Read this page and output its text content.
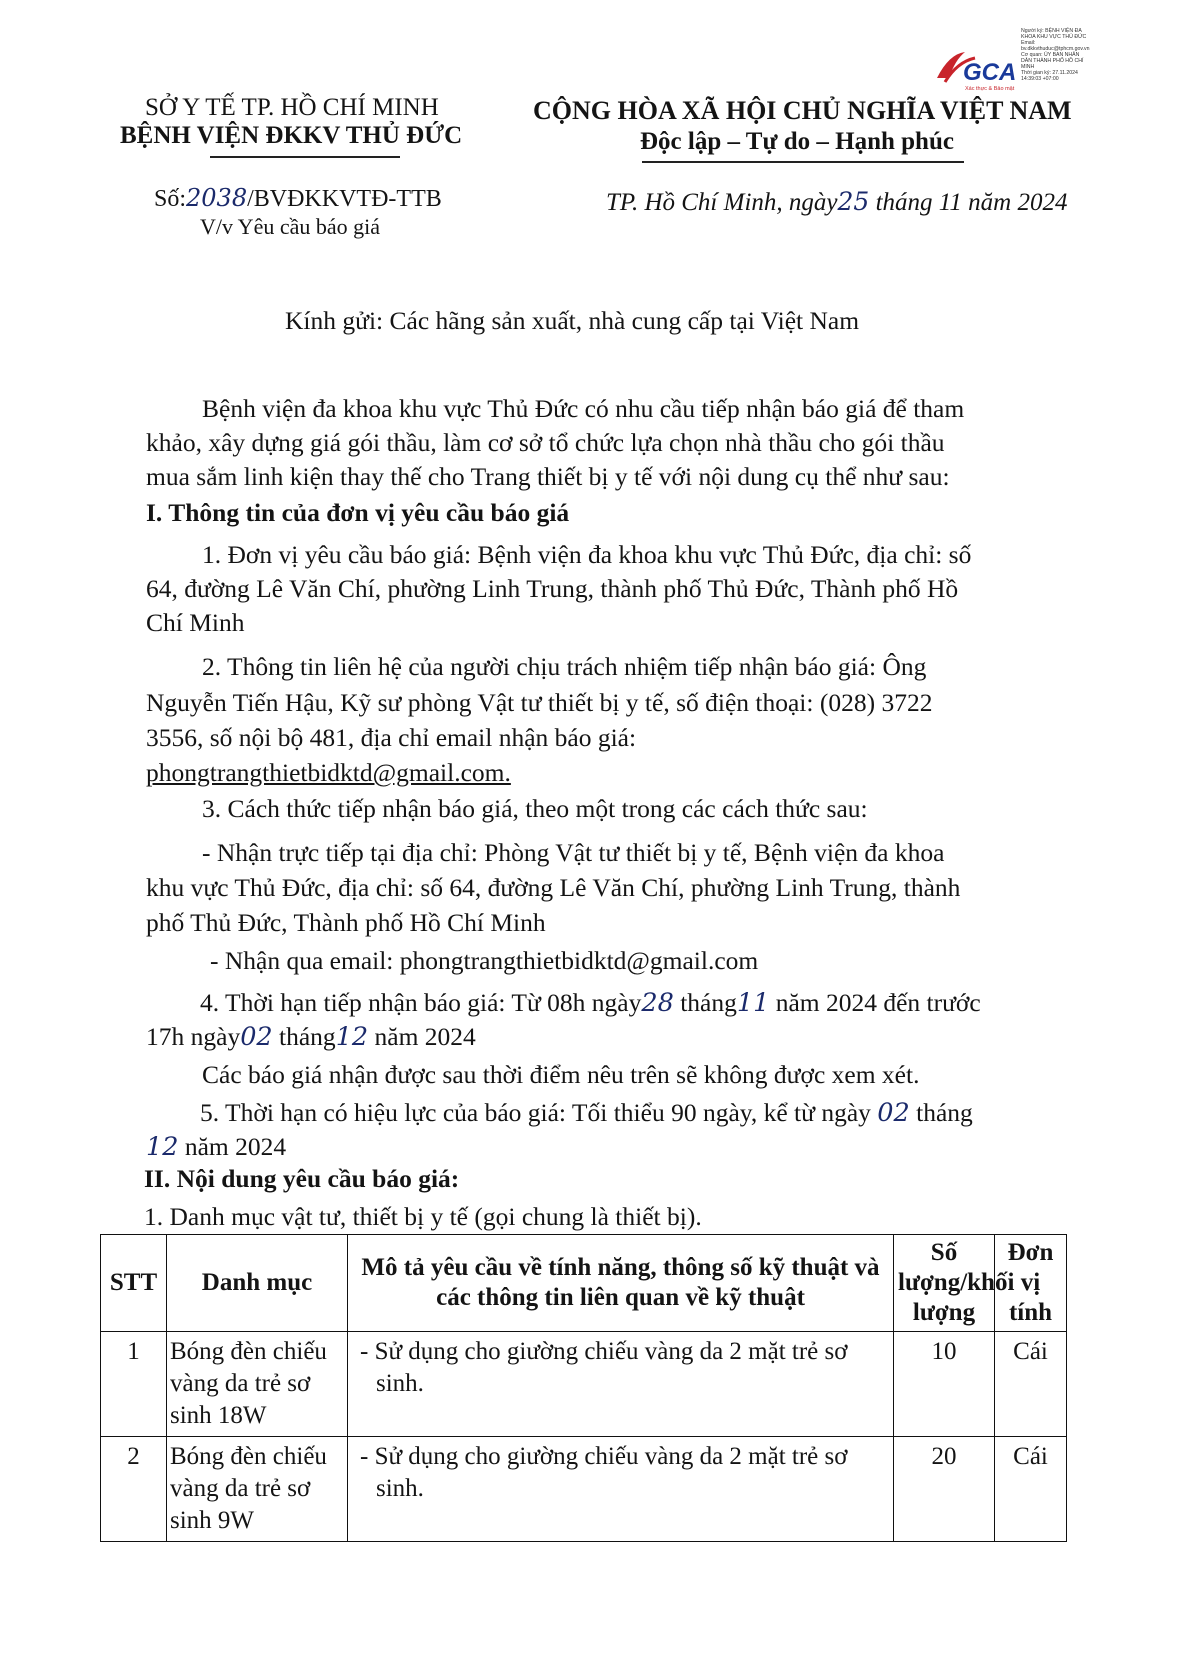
GCA
Xác thực & Bảo mật
Người ký: BỆNH VIỆN ĐA
KHOA KHU VỰC THỦ ĐỨC
Email:
bv.dkkvthuduc@tphcm.gov.vn
Cơ quan: ỦY BAN NHÂN
DÂN THÀNH PHỐ HỒ CHÍ
MINH
Thời gian ký: 27.11.2024
14:39:03 +07:00
SỞ Y TẾ TP. HỒ CHÍ MINH
BỆNH VIỆN ĐKKV THỦ ĐỨC
CỘNG HÒA XÃ HỘI CHỦ NGHĨA VIỆT NAM
Độc lập – Tự do – Hạnh phúc
Số:2038/BVĐKKVTĐ-TTB
V/v Yêu cầu báo giá
TP. Hồ Chí Minh, ngày25 tháng 11 năm 2024
Kính gửi: Các hãng sản xuất, nhà cung cấp tại Việt Nam
Bệnh viện đa khoa khu vực Thủ Đức có nhu cầu tiếp nhận báo giá để tham
khảo, xây dựng giá gói thầu, làm cơ sở tổ chức lựa chọn nhà thầu cho gói thầu
mua sắm linh kiện thay thế cho Trang thiết bị y tế với nội dung cụ thể như sau:
I. Thông tin của đơn vị yêu cầu báo giá
1. Đơn vị yêu cầu báo giá: Bệnh viện đa khoa khu vực Thủ Đức, địa chỉ: số
64, đường Lê Văn Chí, phường Linh Trung, thành phố Thủ Đức, Thành phố Hồ
Chí Minh
2. Thông tin liên hệ của người chịu trách nhiệm tiếp nhận báo giá: Ông
Nguyễn Tiến Hậu, Kỹ sư phòng Vật tư thiết bị y tế, số điện thoại: (028) 3722
3556, số nội bộ 481, địa chỉ email nhận báo giá:
phongtrangthietbidktd@gmail.com.
3. Cách thức tiếp nhận báo giá, theo một trong các cách thức sau:
- Nhận trực tiếp tại địa chỉ: Phòng Vật tư thiết bị y tế, Bệnh viện đa khoa
khu vực Thủ Đức, địa chỉ: số 64, đường Lê Văn Chí, phường Linh Trung, thành
phố Thủ Đức, Thành phố Hồ Chí Minh
- Nhận qua email: phongtrangthietbidktd@gmail.com
4. Thời hạn tiếp nhận báo giá: Từ 08h ngày28 tháng11 năm 2024 đến trước
17h ngày02 tháng12 năm 2024
Các báo giá nhận được sau thời điểm nêu trên sẽ không được xem xét.
5. Thời hạn có hiệu lực của báo giá: Tối thiểu 90 ngày, kể từ ngày 02 tháng
12 năm 2024
II. Nội dung yêu cầu báo giá:
1. Danh mục vật tư, thiết bị y tế (gọi chung là thiết bị).
STT	Danh mục	Mô tả yêu cầu về tính năng, thông số kỹ thuật và các thông tin liên quan về kỹ thuật	Số lượng/khối lượng	Đơn vị tính
1	Bóng đèn chiếu vàng da trẻ sơ sinh 18W	- Sử dụng cho giường chiếu vàng da 2 mặt trẻ sơ sinh.	10	Cái
2	Bóng đèn chiếu vàng da trẻ sơ sinh 9W	- Sử dụng cho giường chiếu vàng da 2 mặt trẻ sơ sinh.	20	Cái
